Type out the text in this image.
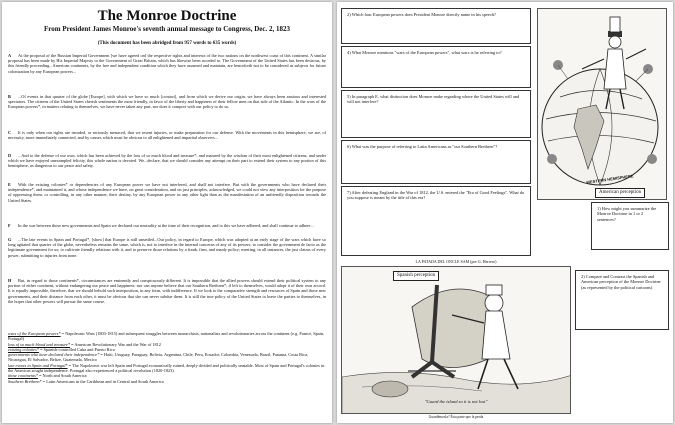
The Monroe Doctrine
From President James Monroe's seventh annual message to Congress, Dec. 2, 1823
(This document has been abridged from 957 words to 635 words)
A At the proposal of the Russian Imperial Government [we have agreed on] the respective rights and interests of the two nations on the northwest coast of this continent. A similar proposal has been made by His Imperial Majesty to the Government of Great Britain, which has likewise been acceded to. The Government of the United States has been desirous, by this friendly proceeding...American continents, by the free and independent condition which they have assumed and maintain, are henceforth not to be considered as subjects for future colonization by any European powers...
B ...Of events in that quarter of the globe [Europe], with which we have so much [contact], and from which we derive our origin, we have always been anxious and interested spectators. The citizens of the United States cherish sentiments the most friendly, in favor of the liberty and happiness of their fellow men on that side of the Atlantic. In the wars of the European powers*, in matters relating to themselves, we have never taken any part, nor does it comport with our policy to do so.
C It is only when our rights are invaded, or seriously menaced, that we resent injuries, or make preparation for our defense. With the movements in this hemisphere, we are, of necessity, more immediately connected, and by causes which must be obvious to all enlightened and impartial observers...
D ...And to the defense of our own, which has been achieved by the loss of so much blood and treasure*, and matured by the wisdom of their most enlightened citizens, and under which we have enjoyed unexampled felicity, this whole nation is devoted. We...declare, that we should consider any attempt on their part to extend their system to any portion of this hemisphere, as dangerous to our peace and safety.
E With the existing colonies* or dependencies of any European power we have not interfered, and shall not interfere. But with the governments who have declared their independence*, and maintained it, and whose independence we have, on great consideration, and on just principles, acknowledged, we could not view any interposition for the purpose of oppressing them, or controlling, in any other manner, their destiny, by any European power in any other light than as the manifestation of an unfriendly disposition towards the United States.
F In the war between those new governments and Spain we declared our neutrality at the time of their recognition, and to this we have adhered, and shall continue to adhere...
G ...The late events in Spain and Portugal*, [show] that Europe is still unsettled...Our policy, in regard to Europe, which was adopted at an early stage of the wars which have so long agitated that quarter of the globe, nevertheless remains the same, which is, not to interfere in the internal concerns of any of its powers; to consider the government de facto as the legitimate government for us; to cultivate friendly relations with it, and to preserve those relations by a frank, firm, and manly policy; meeting, in all instances, the just claims of every power, submitting to injuries from none.
H But, in regard to those continents*, circumstances are eminently and conspicuously different. It is impossible that the allied powers should extend their political system to any portion of either continent, without endangering our peace and happiness: nor can anyone believe that our Southern Brethren*, if left to themselves, would adopt it of their own accord. It is equally impossible, therefore, that we should behold such interposition, in any form, with indifference. If we look to the comparative strength and resources of Spain and those new governments, and their distance from each other, it must be obvious that she can never subdue them. It is still the true policy of the United States to leave the parties to themselves, in the hopes that other powers will pursue the same course.
wars of the European powers* = Napoleonic Wars (1803-1815) and subsequent struggles between monarchists, nationalists and revolutionaries across the continent (e.g. France, Spain, Portugal)
loss of so much blood and treasure* = American Revolutionary War and the War of 1812
existing colonies* = Spanish-controlled Cuba and Puerto Rico
governments who have declared their independence* = Haiti, Uruguay, Paraguay, Bolivia, Argentina, Chile, Peru, Ecuador, Colombia, Venezuela, Brazil, Panama, Costa Rica, Nicaragua, El Salvador, Belize, Guatemala, Mexico
late events in Spain and Portugal* = The Napoleonic war left Spain and Portugal economically ruined, deeply divided and politically unstable. Most of Spain and Portugal's colonies in the Americas sought independence. Portugal also experienced a political revolution (1820-1823)
those continents* = North and South America
Southern Brethren* = Latin Americans in the Caribbean and in Central and South America
2) Which four European powers does President Monroe directly name in his speech?
4) What Monroe mentions "wars of the European powers", what wars is he referring to?
5) In paragraph E, what distinction does Monroe make regarding where the United States will and will not interfere?
6) What was the purpose of referring to Latin Americans as "our Southern Brethren"?
7) After defeating England in the War of 1812, the U.S. entered the "Era of Good Feelings". What do you suppose is meant by the title of this era?
WESTERN HEMISPHERE
American perception
1) How might you summarize the Monroe Doctrine in 1 or 2 sentences?
LA PATADA DEL ONCLE SAM (por G. Herrero)
Spanish perception
"Guard the island so it is not lost"
Guardémosla? Ésta parte que la perda
2) Compare and Contrast the Spanish and American perception of the Monroe Doctrine (as represented by the political cartoons)
